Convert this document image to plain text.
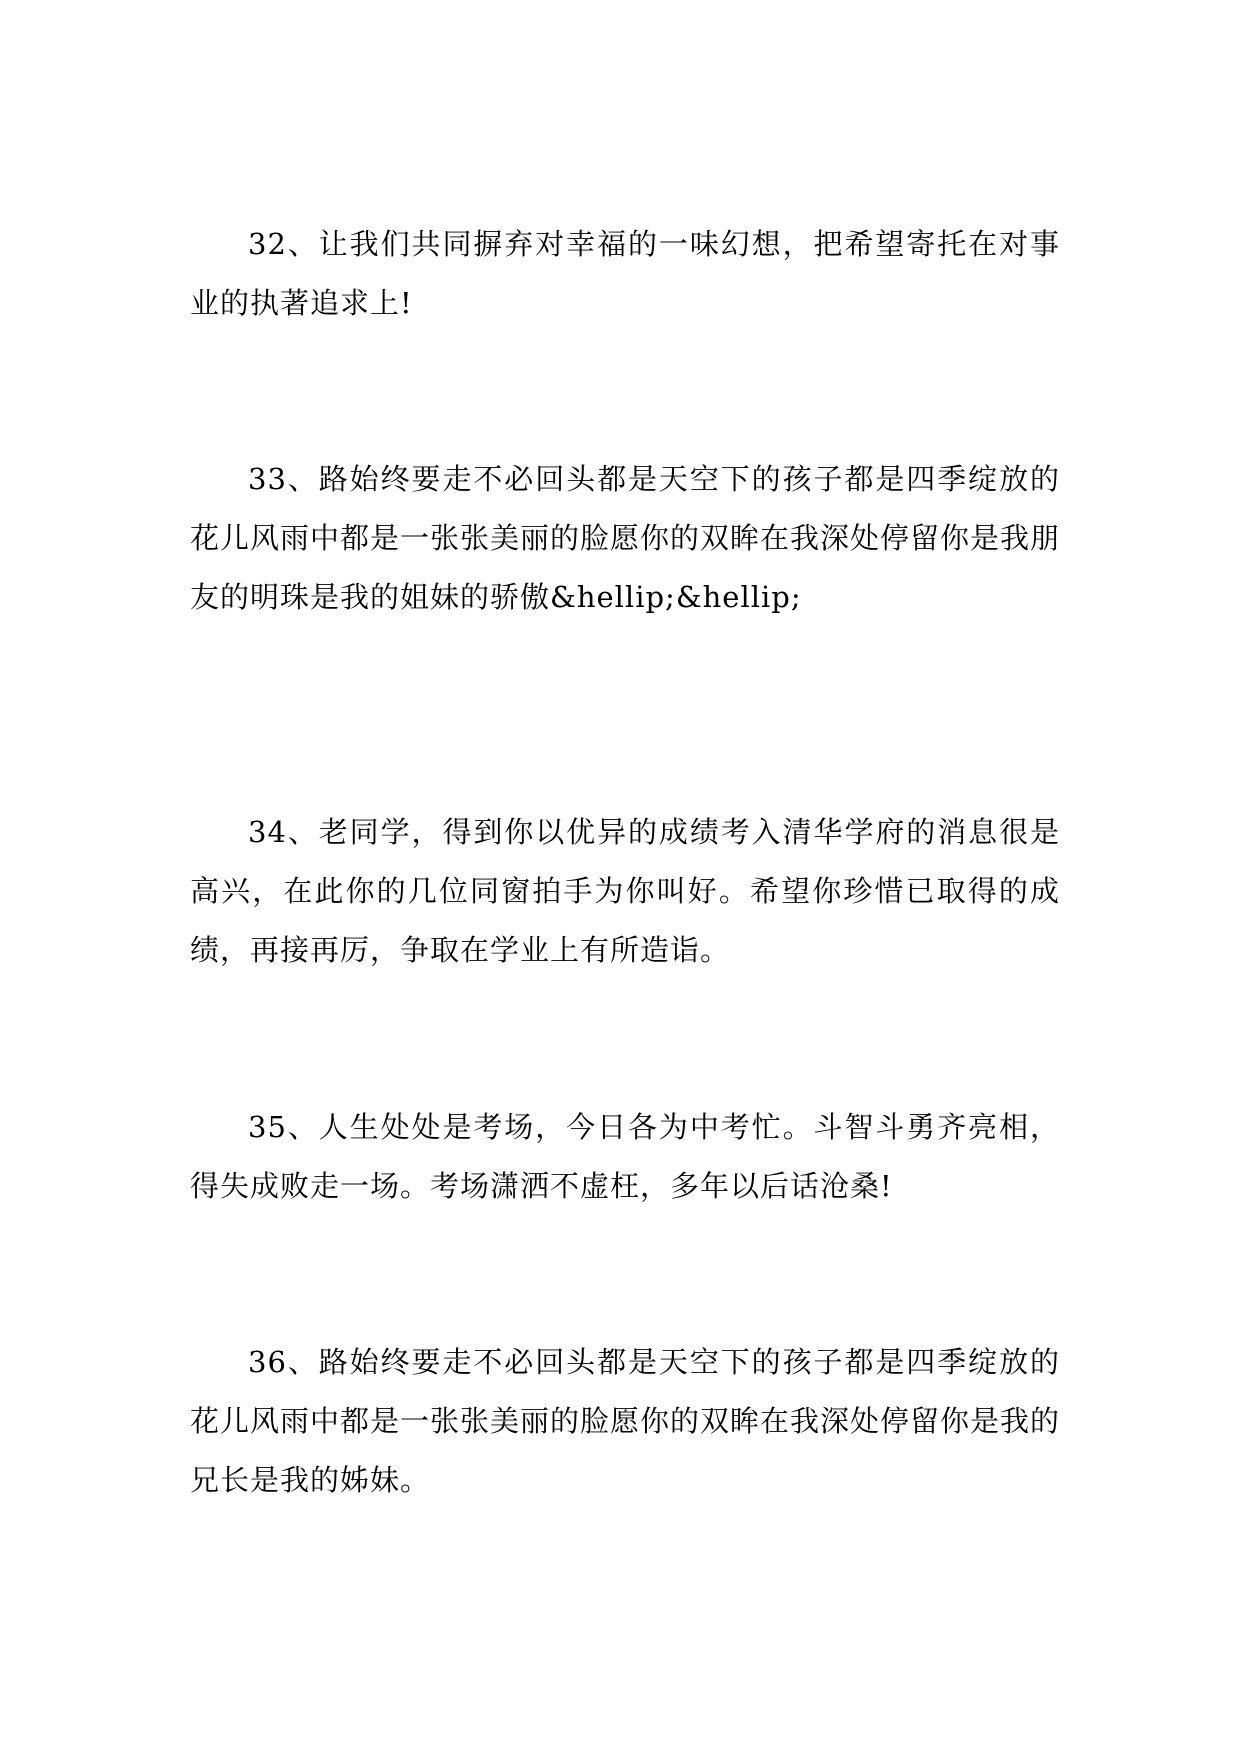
32、让我们共同摒弃对幸福的一味幻想，把希望寄托在对事业的执著追求上!

33、路始终要走不必回头都是天空下的孩子都是四季绽放的花儿风雨中都是一张张美丽的脸愿你的双眸在我深处停留你是我朋友的明珠是我的姐妹的骄傲&hellip;&hellip;

34、老同学，得到你以优异的成绩考入清华学府的消息很是高兴，在此你的几位同窗拍手为你叫好。希望你珍惜已取得的成绩，再接再厉，争取在学业上有所造诣。

35、人生处处是考场，今日各为中考忙。斗智斗勇齐亮相，得失成败走一场。考场潇洒不虚枉，多年以后话沧桑!

36、路始终要走不必回头都是天空下的孩子都是四季绽放的花儿风雨中都是一张张美丽的脸愿你的双眸在我深处停留你是我的兄长是我的姊妹。
